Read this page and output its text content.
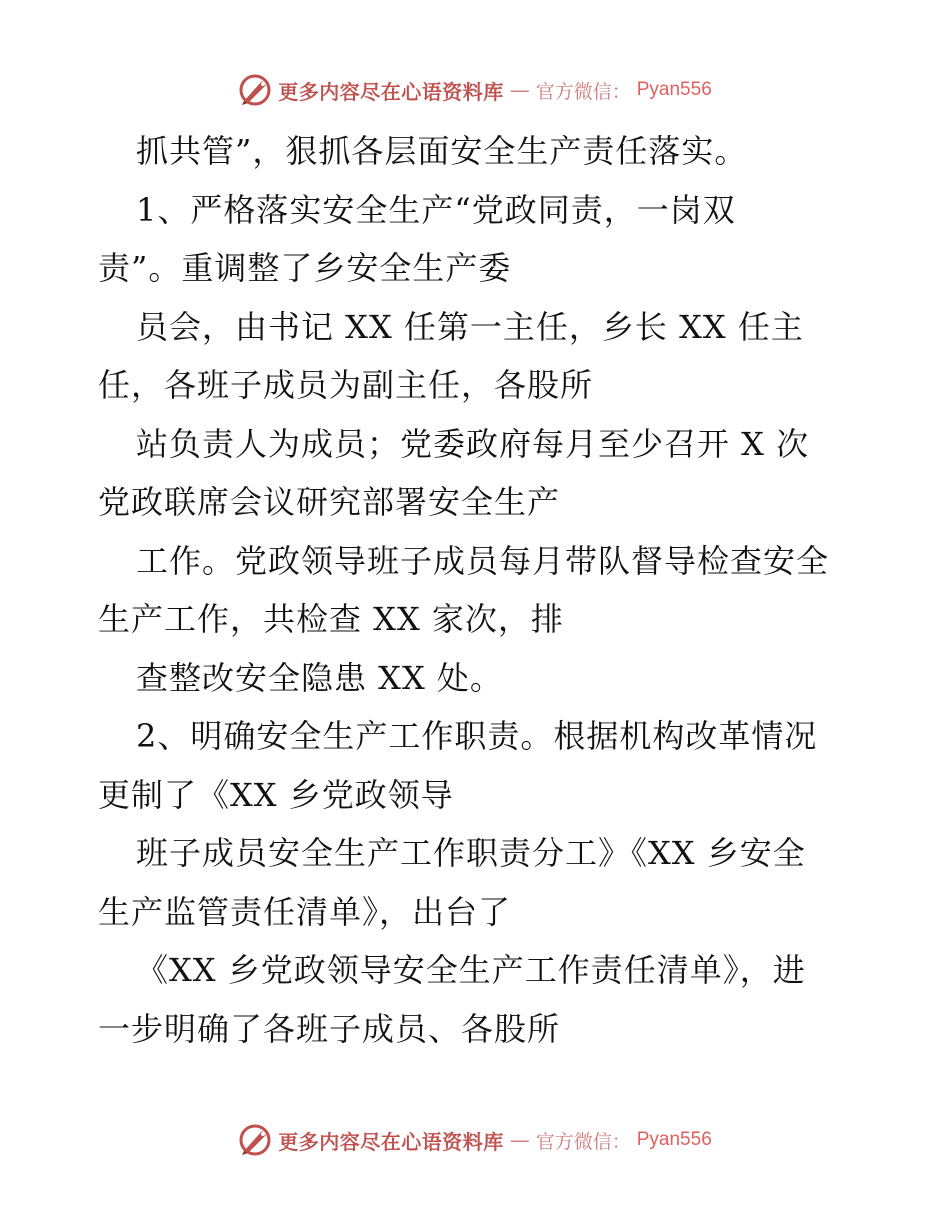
更多内容尽在心语资料库 — 官方微信： Pyan556
抓共管”，狠抓各层面安全生产责任落实。
1、严格落实安全生产“党政同责，一岗双
责”。重调整了乡安全生产委
员会，由书记 XX 任第一主任，乡长 XX 任主
任，各班子成员为副主任，各股所
站负责人为成员；党委政府每月至少召开 X 次
党政联席会议研究部署安全生产
工作。党政领导班子成员每月带队督导检查安全
生产工作，共检查 XX 家次，排
查整改安全隐患 XX 处。
2、明确安全生产工作职责。根据机构改革情况
更制了《XX 乡党政领导
班子成员安全生产工作职责分工》《XX 乡安全
生产监管责任清单》，出台了
《XX 乡党政领导安全生产工作责任清单》，进
一步明确了各班子成员、各股所
更多内容尽在心语资料库 — 官方微信： Pyan556
